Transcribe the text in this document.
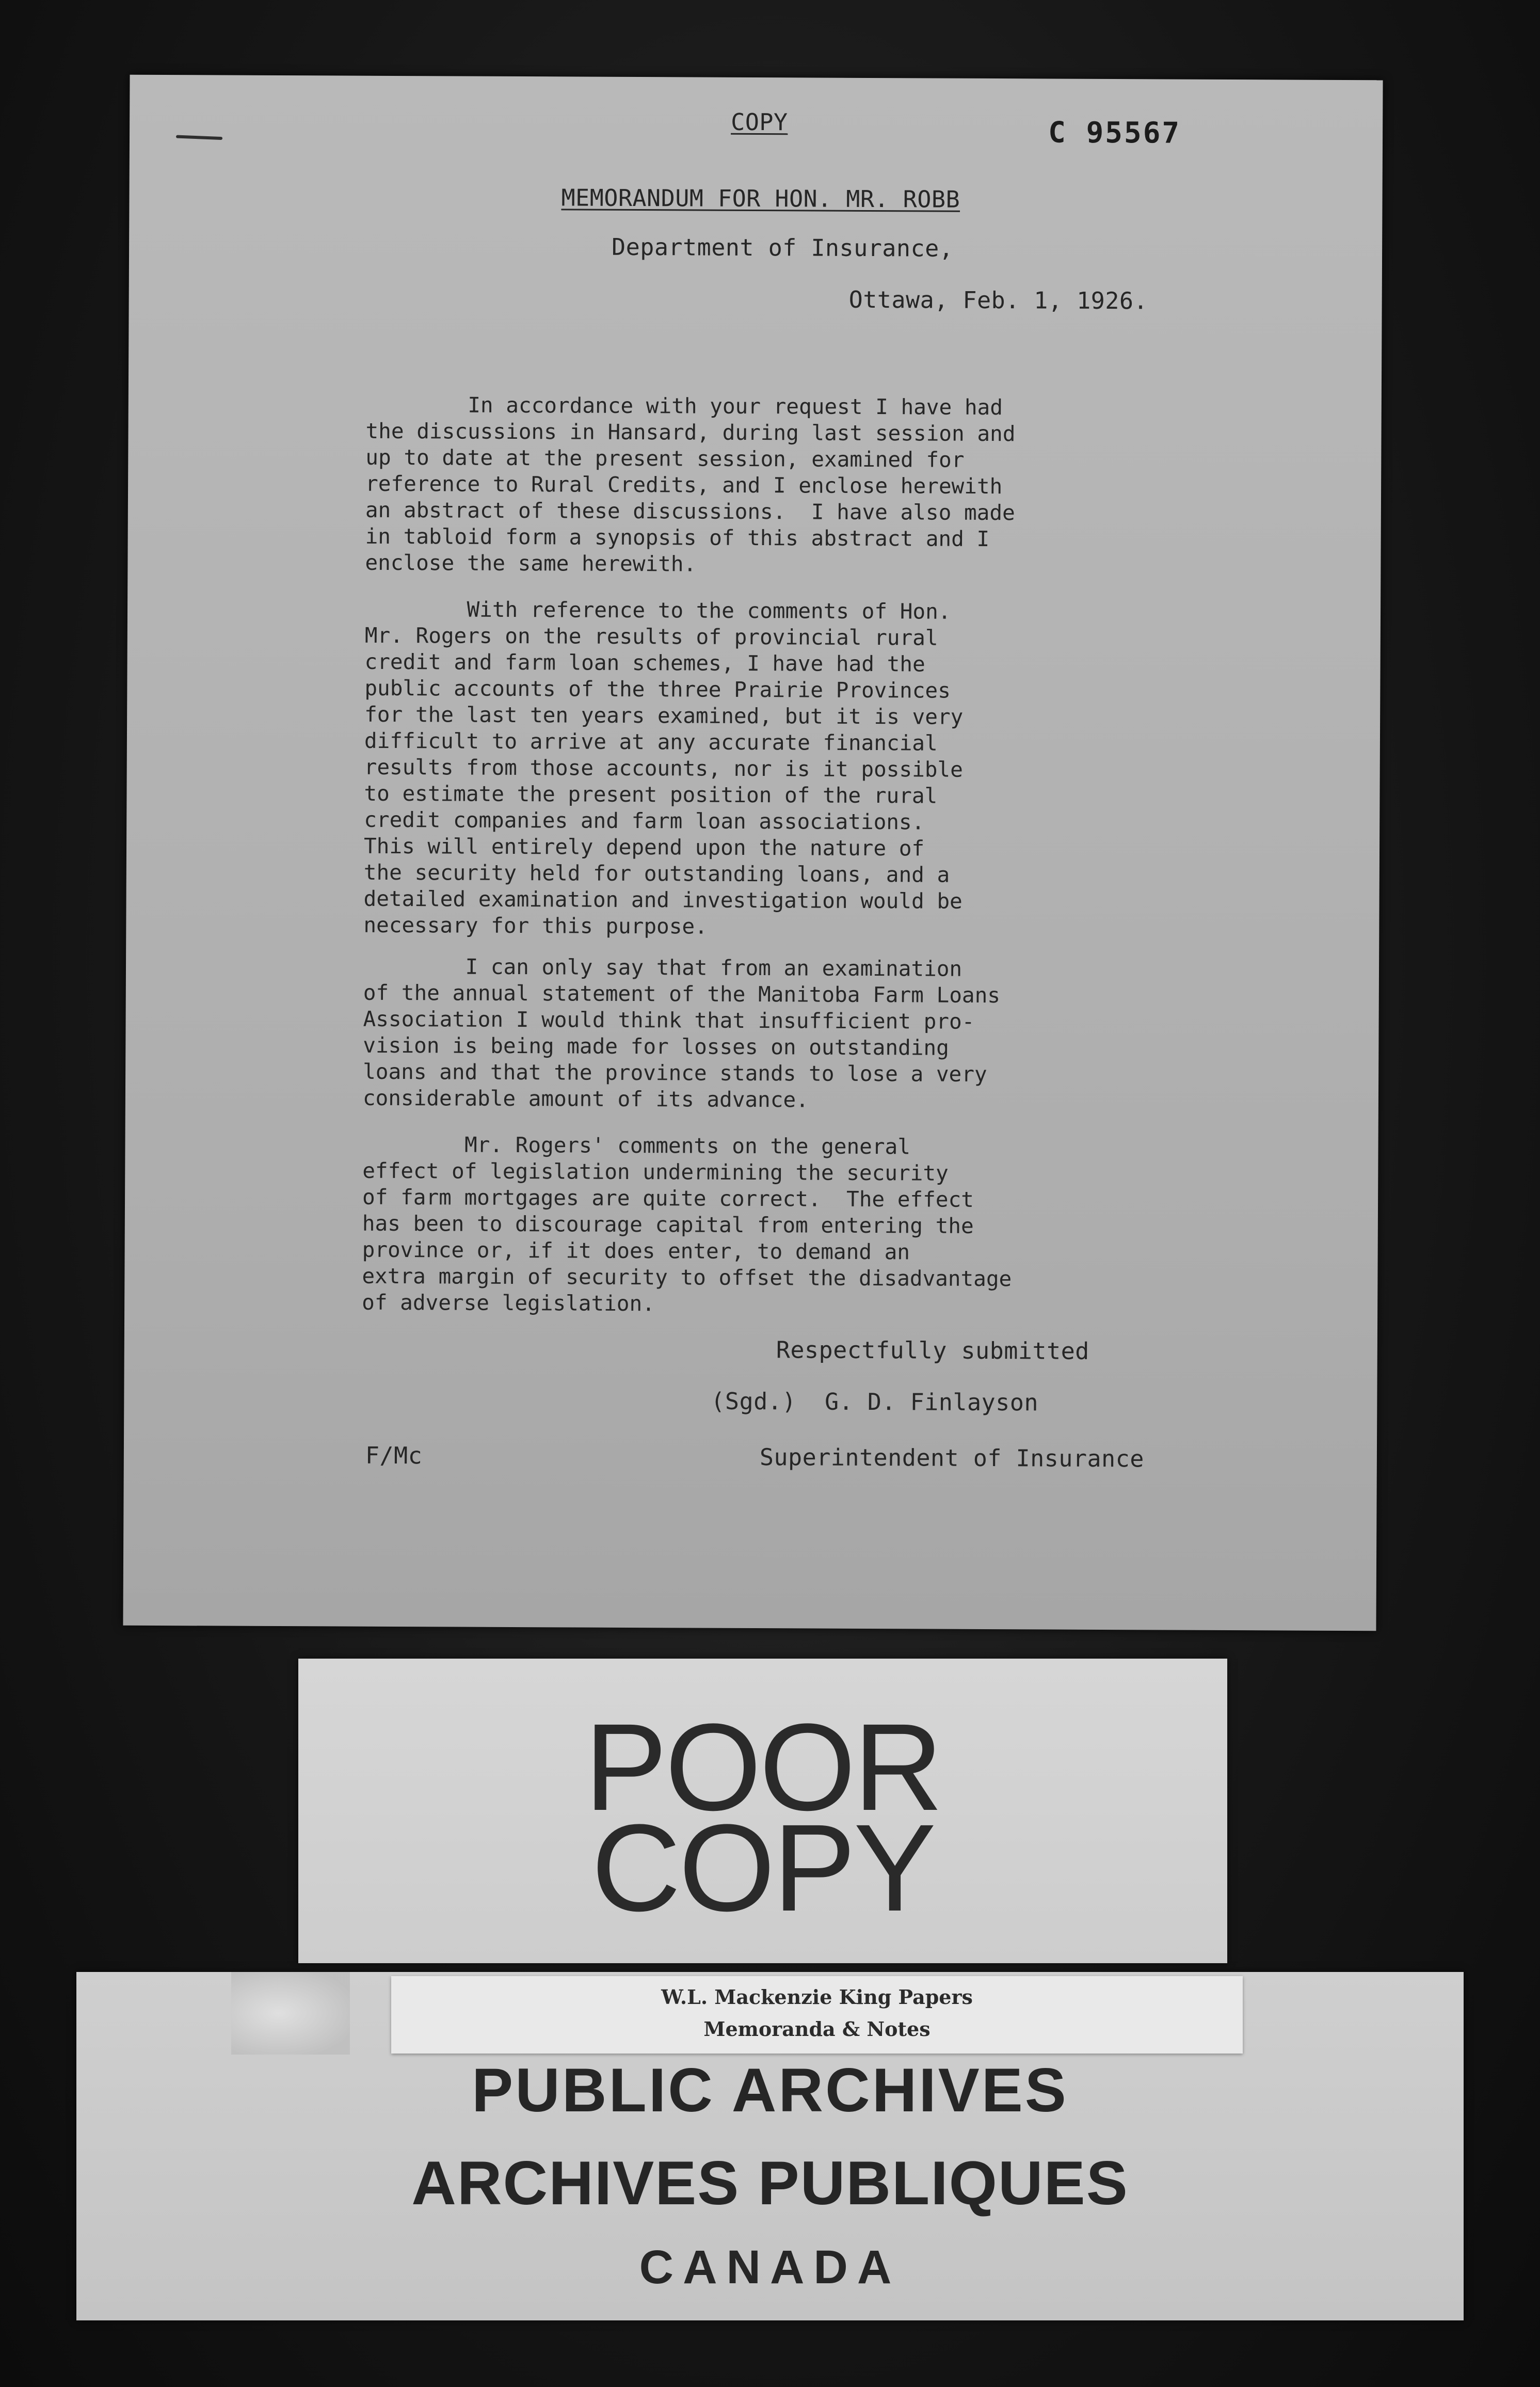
COPY	C 95567
MEMORANDUM FOR HON. MR. ROBB
Department of Insurance,
Ottawa, Feb. 1, 1926.
In accordance with your request I have had
the discussions in Hansard, during last session and
up to date at the present session, examined for
reference to Rural Credits, and I enclose herewith
an abstract of these discussions.  I have also made
in tabloid form a synopsis of this abstract and I
enclose the same herewith.
With reference to the comments of Hon.
Mr. Rogers on the results of provincial rural
credit and farm loan schemes, I have had the
public accounts of the three Prairie Provinces
for the last ten years examined, but it is very
difficult to arrive at any accurate financial
results from those accounts, nor is it possible
to estimate the present position of the rural
credit companies and farm loan associations.
This will entirely depend upon the nature of
the security held for outstanding loans, and a
detailed examination and investigation would be
necessary for this purpose.
I can only say that from an examination
of the annual statement of the Manitoba Farm Loans
Association I would think that insufficient pro-
vision is being made for losses on outstanding
loans and that the province stands to lose a very
considerable amount of its advance.
Mr. Rogers' comments on the general
effect of legislation undermining the security
of farm mortgages are quite correct.  The effect
has been to discourage capital from entering the
province or, if it does enter, to demand an
extra margin of security to offset the disadvantage
of adverse legislation.
Respectfully submitted
(Sgd.)  G. D. Finlayson
F/Mc	Superintendent of Insurance
POOR
COPY
W.L. Mackenzie King Papers
Memoranda & Notes
PUBLIC ARCHIVES
ARCHIVES PUBLIQUES
CANADA
